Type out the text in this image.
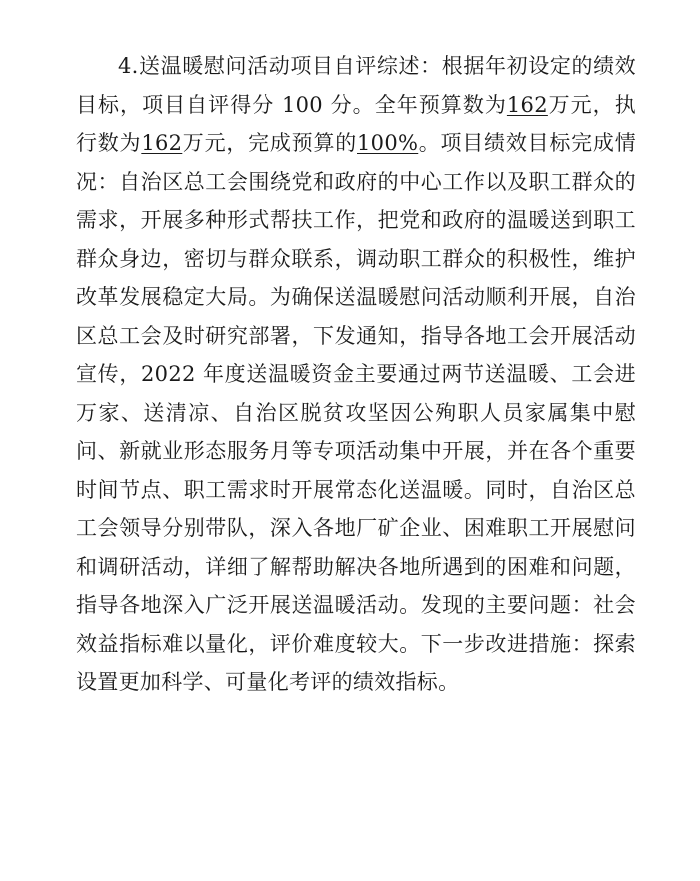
4.送温暖慰问活动项目自评综述：根据年初设定的绩效目标，项目自评得分 100 分。全年预算数为162万元，执行数为162万元，完成预算的100%。项目绩效目标完成情况：自治区总工会围绕党和政府的中心工作以及职工群众的需求，开展多种形式帮扶工作，把党和政府的温暖送到职工群众身边，密切与群众联系，调动职工群众的积极性，维护改革发展稳定大局。为确保送温暖慰问活动顺利开展，自治区总工会及时研究部署，下发通知，指导各地工会开展活动宣传，2022 年度送温暖资金主要通过两节送温暖、工会进万家、送清凉、自治区脱贫攻坚因公殉职人员家属集中慰问、新就业形态服务月等专项活动集中开展，并在各个重要时间节点、职工需求时开展常态化送温暖。同时，自治区总工会领导分别带队，深入各地厂矿企业、困难职工开展慰问和调研活动，详细了解帮助解决各地所遇到的困难和问题，指导各地深入广泛开展送温暖活动。发现的主要问题：社会效益指标难以量化，评价难度较大。下一步改进措施：探索设置更加科学、可量化考评的绩效指标。
